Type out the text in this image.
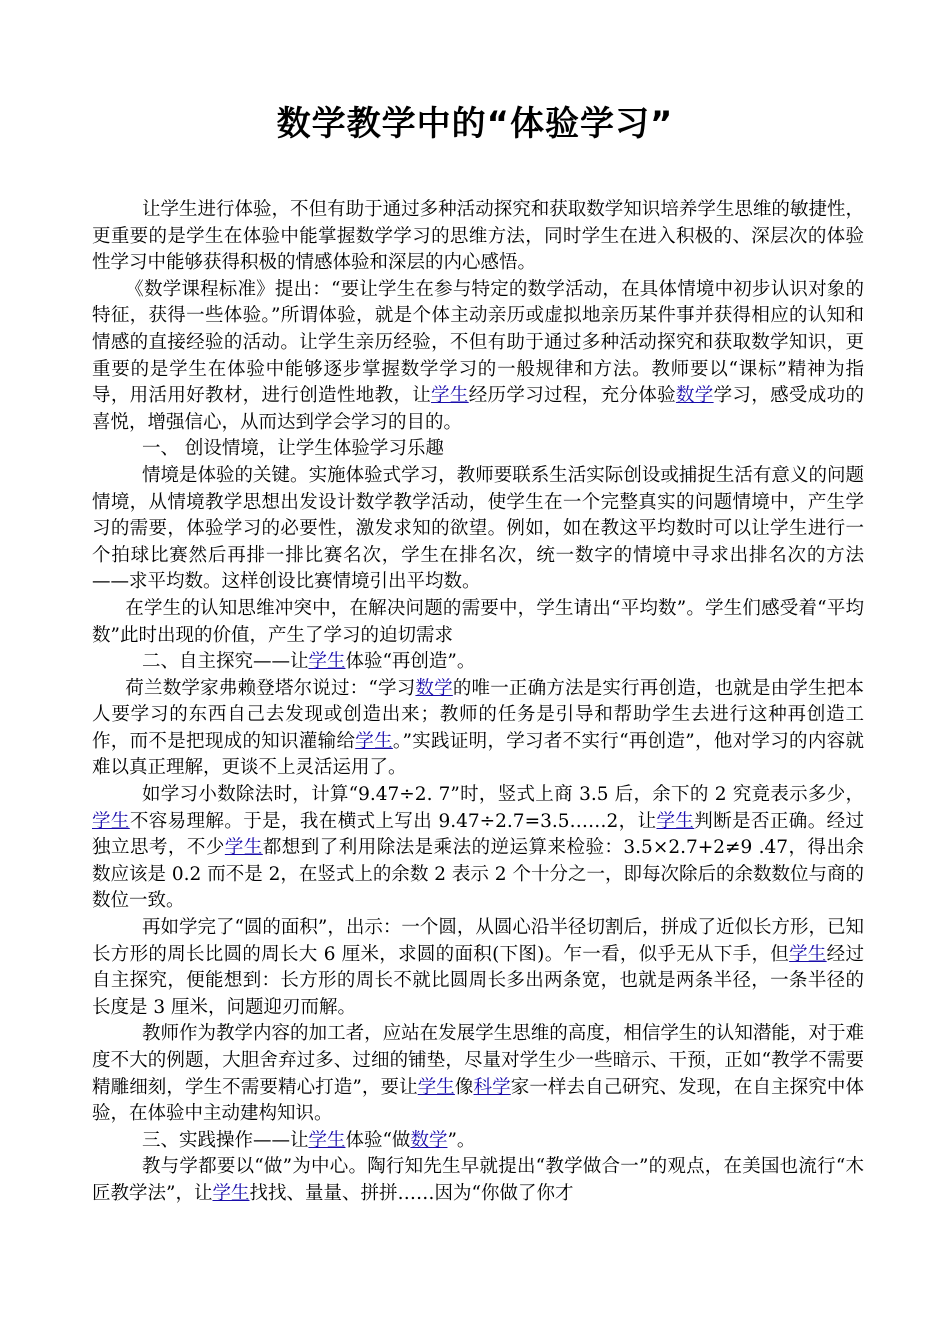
数学教学中的“体验学习”

让学生进行体验，不但有助于通过多种活动探究和获取数学知识培养学生思维的敏捷性，更重要的是学生在体验中能掌握数学学习的思维方法，同时学生在进入积极的、深层次的体验性学习中能够获得积极的情感体验和深层的内心感悟。

《数学课程标准》提出：“要让学生在参与特定的数学活动，在具体情境中初步认识对象的特征，获得一些体验。”所谓体验，就是个体主动亲历或虚拟地亲历某件事并获得相应的认知和情感的直接经验的活动。让学生亲历经验，不但有助于通过多种活动探究和获取数学知识，更重要的是学生在体验中能够逐步掌握数学学习的一般规律和方法。教师要以“课标”精神为指导，用活用好教材，进行创造性地教，让学生经历学习过程，充分体验数学学习，感受成功的喜悦，增强信心，从而达到学会学习的目的。

一、 创设情境，让学生体验学习乐趣

情境是体验的关键。实施体验式学习，教师要联系生活实际创设或捕捉生活有意义的问题情境，从情境教学思想出发设计数学教学活动，使学生在一个完整真实的问题情境中，产生学习的需要，体验学习的必要性，激发求知的欲望。例如，如在教这平均数时可以让学生进行一个拍球比赛然后再排一排比赛名次，学生在排名次，统一数字的情境中寻求出排名次的方法——求平均数。这样创设比赛情境引出平均数。

在学生的认知思维冲突中，在解决问题的需要中，学生请出“平均数”。学生们感受着“平均数”此时出现的价值，产生了学习的迫切需求

二、自主探究——让学生体验“再创造”。

荷兰数学家弗赖登塔尔说过：“学习数学的唯一正确方法是实行再创造，也就是由学生把本人要学习的东西自己去发现或创造出来；教师的任务是引导和帮助学生去进行这种再创造工作，而不是把现成的知识灌输给学生。”实践证明，学习者不实行“再创造”，他对学习的内容就难以真正理解，更谈不上灵活运用了。

如学习小数除法时，计算“9.47÷2. 7”时，竖式上商 3.5 后，余下的 2 究竟表示多少，学生不容易理解。于是，我在横式上写出 9.47÷2.7=3.5……2，让学生判断是否正确。经过独立思考，不少学生都想到了利用除法是乘法的逆运算来检验：3.5×2.7+2≠9 .47，得出余数应该是 0.2 而不是 2，在竖式上的余数 2 表示 2 个十分之一，即每次除后的余数数位与商的数位一致。

再如学完了“圆的面积”，出示：一个圆，从圆心沿半径切割后，拼成了近似长方形，已知长方形的周长比圆的周长大 6 厘米，求圆的面积(下图)。乍一看，似乎无从下手，但学生经过自主探究，便能想到：长方形的周长不就比圆周长多出两条宽，也就是两条半径，一条半径的长度是 3 厘米，问题迎刃而解。

教师作为教学内容的加工者，应站在发展学生思维的高度，相信学生的认知潜能，对于难度不大的例题，大胆舍弃过多、过细的铺垫，尽量对学生少一些暗示、干预，正如“教学不需要精雕细刻，学生不需要精心打造”，要让学生像科学家一样去自己研究、发现，在自主探究中体验，在体验中主动建构知识。

三、实践操作——让学生体验“做数学”。

教与学都要以“做”为中心。陶行知先生早就提出“教学做合一”的观点，在美国也流行“木匠教学法”，让学生找找、量量、拼拼……因为“你做了你才
